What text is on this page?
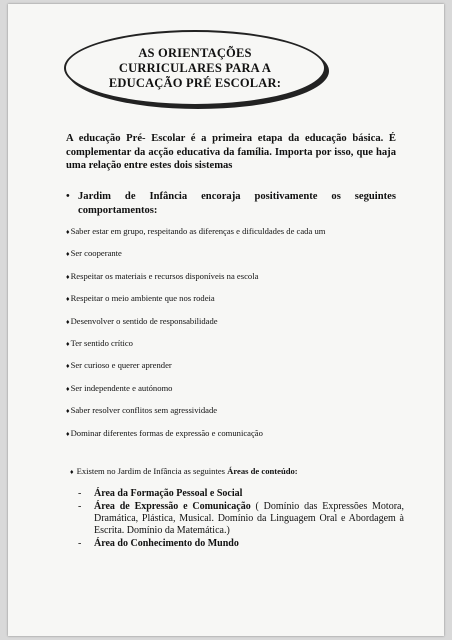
AS ORIENTAÇÕES
CURRICULARES PARA A
EDUCAÇÃO PRÉ ESCOLAR:

A educação Pré- Escolar é a primeira etapa da educação básica. É complementar da acção educativa da família. Importa por isso, que haja uma relação entre estes dois sistemas

• Jardim de Infância encoraja positivamente os seguintes
comportamentos:
♦Saber estar em grupo, respeitando as diferenças e dificuldades de cada um
♦Ser cooperante
♦Respeitar os materiais e recursos disponíveis na escola
♦Respeitar o meio ambiente que nos rodeia
♦Desenvolver o sentido de responsabilidade
♦Ter sentido crítico
♦Ser curioso e querer aprender
♦Ser independente e autónomo
♦Saber resolver conflitos sem agressividade
♦Dominar diferentes formas de expressão e comunicação
♦ Existem no Jardim de Infância as seguintes Áreas de conteúdo:
-	Área da Formação Pessoal e Social
-	Área de Expressão e Comunicação ( Domínio das Expressões Motora, Dramática, Plástica, Musical. Domínio da Linguagem Oral e Abordagem à Escrita. Domínio da Matemática.)
-	Área do Conhecimento do Mundo
